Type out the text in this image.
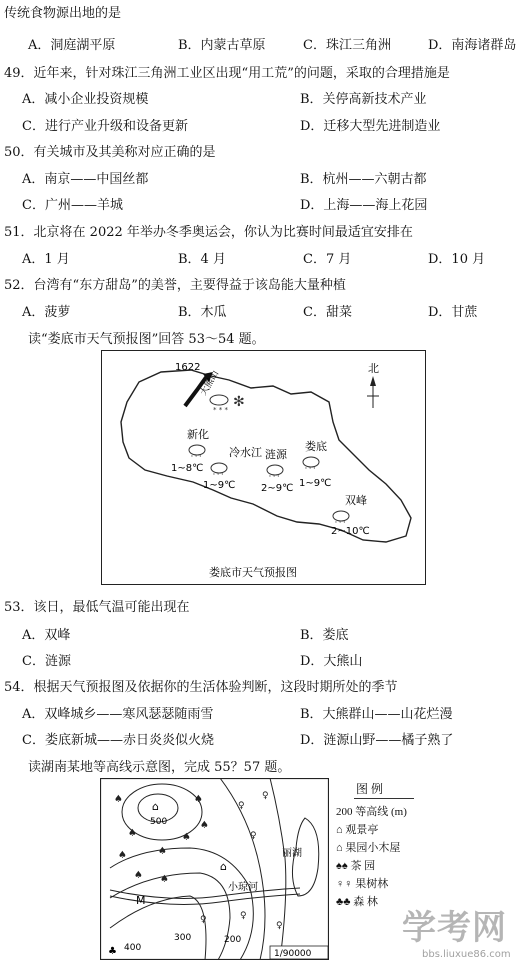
传统食物源出地的是
A．洞庭湖平原	B．内蒙古草原	C．珠江三角洲	D．南海诸群岛
49．近年来，针对珠江三角洲工业区出现“用工荒”的问题，采取的合理措施是
A．减小企业投资规模	B．关停高新技术产业
C．进行产业升级和设备更新	D．迁移大型先进制造业
50．有关城市及其美称对应正确的是
A．南京——中国丝都	B．杭州——六朝古都
C．广州——羊城	D．上海——海上花园
51．北京将在 2022 年举办冬季奥运会，你认为比赛时间最适宜安排在
A．1 月	B．4 月	C．7 月	D．10 月
52．台湾有“东方甜岛”的美誉，主要得益于该岛能大量种植
A．菠萝	B．木瓜	C．甜菜	D．甘蔗
读“娄底市天气预报图”回答 53～54 题。
北
1622
大熊山
* * * ✻
新化
' ' '
1~8℃
冷水江
' ' '
1~9℃
涟源
' ' '
2~9℃
娄底
' ' '
1~9℃
双峰
' ' '
2~10℃
娄底市天气预报图
53．该日，最低气温可能出现在
A．双峰	B．娄底
C．涟源	D．大熊山
54．根据天气预报图及依据你的生活体验判断，这段时期所处的季节
A．双峰城乡——寒风瑟瑟随雨雪	B．大熊群山——山花烂漫
C．娄底新城——赤日炎炎似火烧	D．涟源山野——橘子熟了
读湖南某地等高线示意图，完成 55？57 题。
丽湖
小琼河
500
400
300	200
⌂
M
⌂
♠
♠
♠
♠
♠	♠
♠
♠ ♠
♀
♀
♀
♀
♀
♀
♣	1/90000
图 例
200 等高线 (m)
⌂ 观景亭
⌂ 果园小木屋
♠♠ 茶 园
♀♀ 果树林
♣♣ 森 林
学考网
bbs.liuxue86.com
